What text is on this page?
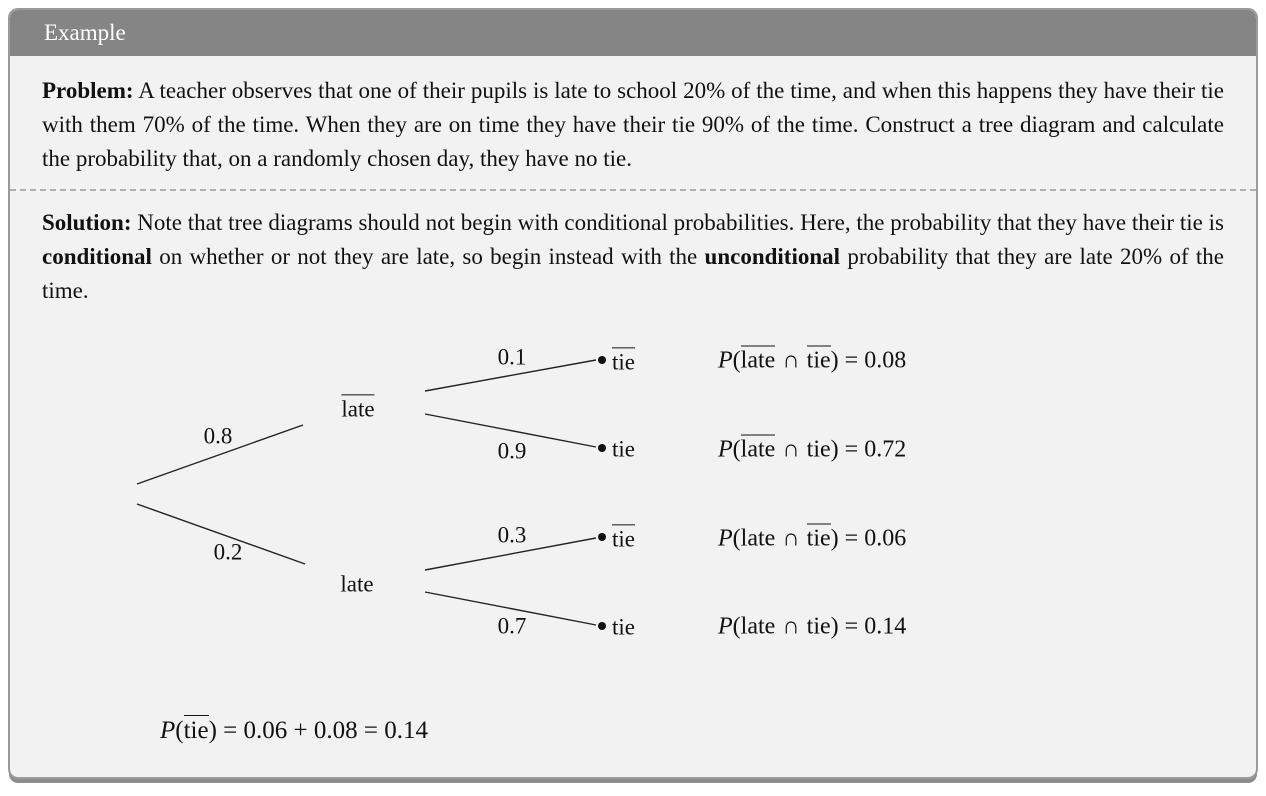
Example

Problem: A teacher observes that one of their pupils is late to school 20% of the time, and when this happens they have their tie with them 70% of the time. When they are on time they have their tie 90% of the time. Construct a tree diagram and calculate the probability that, on a randomly chosen day, they have no tie.

Solution: Note that tree diagrams should not begin with conditional probabilities. Here, the probability that they have their tie is conditional on whether or not they are late, so begin instead with the unconditional probability that they are late 20% of the time.

0.8
0.2
late
late
0.1
0.9
0.3
0.7
tie
tie
tie
tie
P(late ∩ tie) = 0.08
P(late ∩ tie) = 0.72
P(late ∩ tie) = 0.06
P(late ∩ tie) = 0.14
P(tie) = 0.06 + 0.08 = 0.14
